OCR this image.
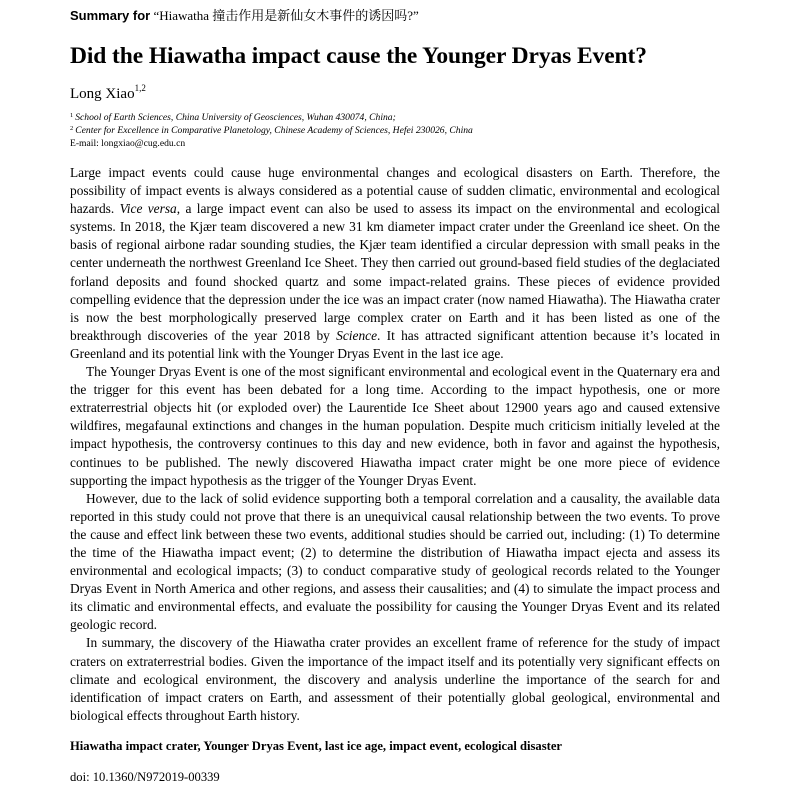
Summary for “Hiawatha 撞击作用是新仙女木事件的诱因吗?”
Did the Hiawatha impact cause the Younger Dryas Event?
Long Xiao$^{1,2}$
$^1$ School of Earth Sciences, China University of Geosciences, Wuhan 430074, China;
$^2$ Center for Excellence in Comparative Planetology, Chinese Academy of Sciences, Hefei 230026, China
E-mail: longxiao@cug.edu.cn

Large impact events could cause huge environmental changes and ecological disasters on Earth. Therefore, the possibility of impact events is always considered as a potential cause of sudden climatic, environmental and ecological hazards. Vice versa, a large impact event can also be used to assess its impact on the environmental and ecological systems. In 2018, the Kjær team discovered a new 31 km diameter impact crater under the Greenland ice sheet. On the basis of regional airbone radar sounding studies, the Kjær team identified a circular depression with small peaks in the center underneath the northwest Greenland Ice Sheet. They then carried out ground-based field studies of the deglaciated forland deposits and found shocked quartz and some impact-related grains. These pieces of evidence provided compelling evidence that the depression under the ice was an impact crater (now named Hiawatha). The Hiawatha crater is now the best morphologically preserved large complex crater on Earth and it has been listed as one of the breakthrough discoveries of the year 2018 by Science. It has attracted significant attention because it’s located in Greenland and its potential link with the Younger Dryas Event in the last ice age.

The Younger Dryas Event is one of the most significant environmental and ecological event in the Quaternary era and the trigger for this event has been debated for a long time. According to the impact hypothesis, one or more extraterrestrial objects hit (or exploded over) the Laurentide Ice Sheet about 12900 years ago and caused extensive wildfires, megafaunal extinctions and changes in the human population. Despite much criticism initially leveled at the impact hypothesis, the controversy continues to this day and new evidence, both in favor and against the hypothesis, continues to be published. The newly discovered Hiawatha impact crater might be one more piece of evidence supporting the impact hypothesis as the trigger of the Younger Dryas Event.

However, due to the lack of solid evidence supporting both a temporal correlation and a causality, the available data reported in this study could not prove that there is an unequivical causal relationship between the two events. To prove the cause and effect link between these two events, additional studies should be carried out, including: (1) To determine the time of the Hiawatha impact event; (2) to determine the distribution of Hiawatha impact ejecta and assess its environmental and ecological impacts; (3) to conduct comparative study of geological records related to the Younger Dryas Event in North America and other regions, and assess their causalities; and (4) to simulate the impact process and its climatic and environmental effects, and evaluate the possibility for causing the Younger Dryas Event and its related geologic record.

In summary, the discovery of the Hiawatha crater provides an excellent frame of reference for the study of impact craters on extraterrestrial bodies. Given the importance of the impact itself and its potentially very significant effects on climate and ecological environment, the discovery and analysis underline the importance of the search for and identification of impact craters on Earth, and assessment of their potentially global geological, environmental and biological effects throughout Earth history.

Hiawatha impact crater, Younger Dryas Event, last ice age, impact event, ecological disaster
doi: 10.1360/N972019-00339
